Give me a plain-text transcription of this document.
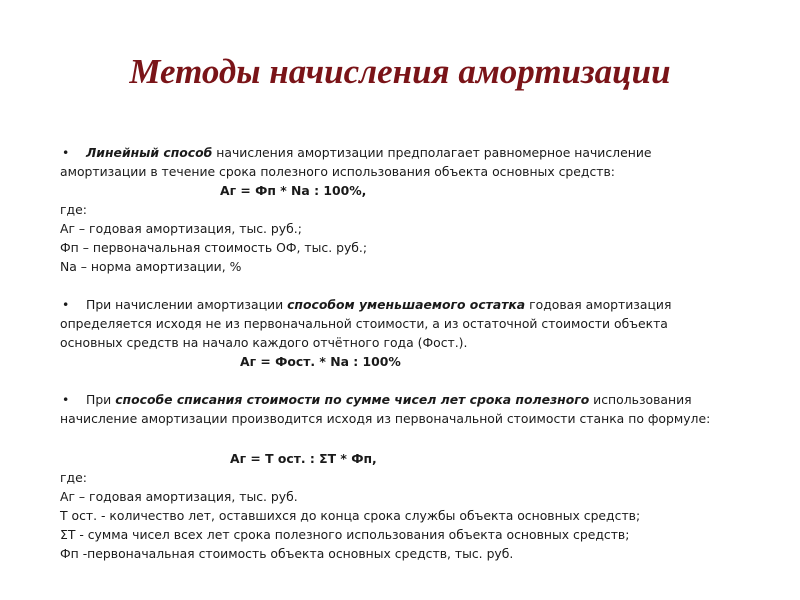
Методы начисления амортизации
• Линейный способ начисления амортизации предполагает равномерное начисление
амортизации в течение срока полезного использования объекта основных средств:
Аг = Фп * Nа : 100%,
где:
Аг – годовая амортизация, тыс. руб.;
Фп – первоначальная стоимость ОФ, тыс. руб.;
Nа – норма амортизации, %
• При начислении амортизации способом уменьшаемого остатка годовая амортизация
определяется исходя не из первоначальной стоимости, а из остаточной стоимости объекта
основных средств на начало каждого отчётного года (Фост.).
Аг = Фост. * Nа : 100%
• При способе списания стоимости по сумме чисел лет срока полезного использования
начисление амортизации производится исходя из первоначальной стоимости станка по формуле:
Аг = Т ост. : ΣТ * Фп,
где:
Аг – годовая амортизация, тыс. руб.
Т ост. - количество лет, оставшихся до конца срока службы объекта основных средств;
ΣТ - сумма чисел всех лет срока полезного использования объекта основных средств;
Фп -первоначальная стоимость объекта основных средств, тыс. руб.
